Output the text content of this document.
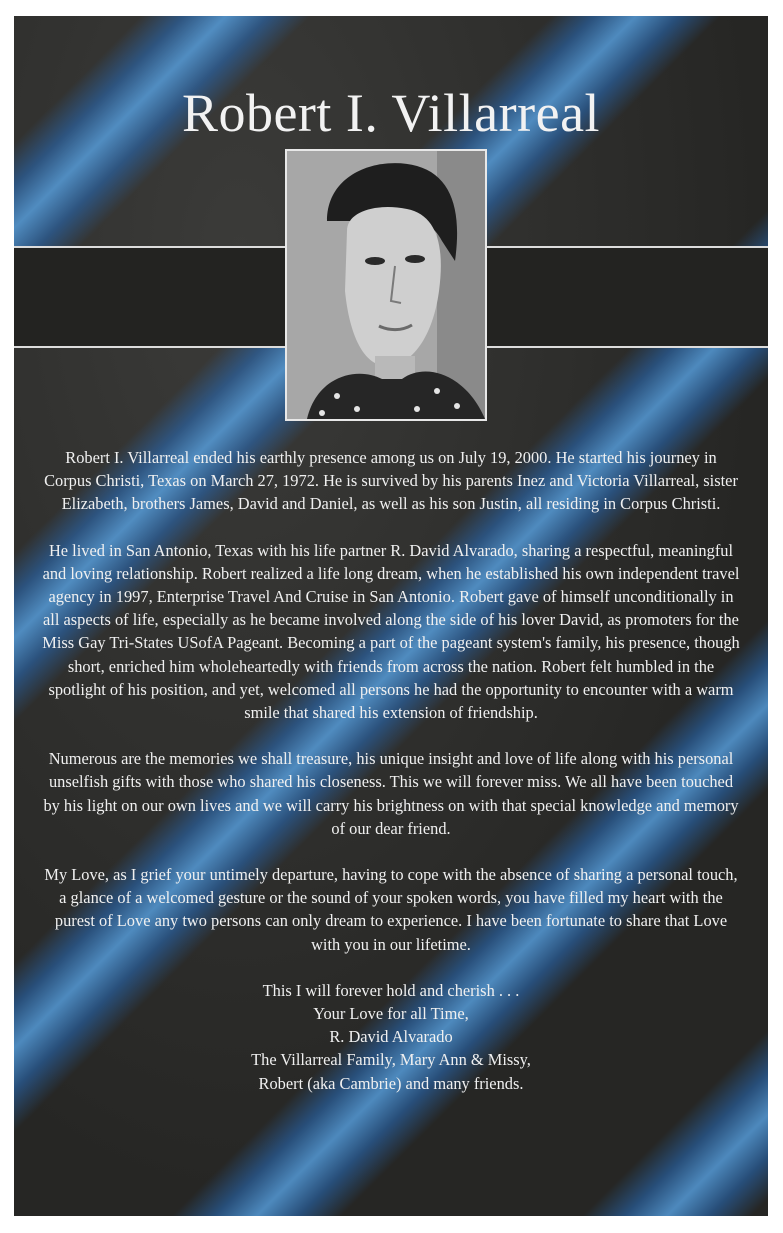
Robert I. Villarreal

Robert I. Villarreal ended his earthly presence among us on July 19, 2000. He started his journey in Corpus Christi, Texas on March 27, 1972. He is survived by his parents Inez and Victoria Villarreal, sister Elizabeth, brothers James, David and Daniel, as well as his son Justin, all residing in Corpus Christi.

He lived in San Antonio, Texas with his life partner R. David Alvarado, sharing a respectful, meaningful and loving relationship. Robert realized a life long dream, when he established his own independent travel agency in 1997, Enterprise Travel And Cruise in San Antonio. Robert gave of himself unconditionally in all aspects of life, especially as he became involved along the side of his lover David, as promoters for the Miss Gay Tri-States USofA Pageant. Becoming a part of the pageant system's family, his presence, though short, enriched him wholeheartedly with friends from across the nation. Robert felt humbled in the spotlight of his position, and yet, welcomed all persons he had the opportunity to encounter with a warm smile that shared his extension of friendship.

Numerous are the memories we shall treasure, his unique insight and love of life along with his personal unselfish gifts with those who shared his closeness. This we will forever miss. We all have been touched by his light on our own lives and we will carry his brightness on with that special knowledge and memory of our dear friend.

My Love, as I grief your untimely departure, having to cope with the absence of sharing a personal touch, a glance of a welcomed gesture or the sound of your spoken words, you have filled my heart with the purest of Love any two persons can only dream to experience. I have been fortunate to share that Love with you in our lifetime.

This I will forever hold and cherish . . .
Your Love for all Time,
R. David Alvarado
The Villarreal Family, Mary Ann & Missy,
Robert (aka Cambrie) and many friends.
